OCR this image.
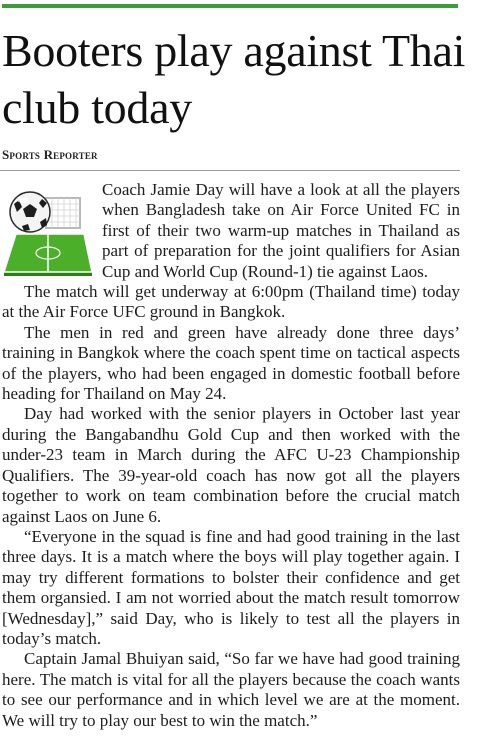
Booters play against Thai club today
Sports Reporter

Coach Jamie Day will have a look at all the players when Bangladesh take on Air Force United FC in first of their two warm-up matches in Thailand as part of preparation for the joint qualifiers for Asian Cup and World Cup (Round-1) tie against Laos.

The match will get underway at 6:00pm (Thailand time) today at the Air Force UFC ground in Bangkok.

The men in red and green have already done three days’ training in Bangkok where the coach spent time on tactical aspects of the players, who had been engaged in domestic football before heading for Thailand on May 24.

Day had worked with the senior players in October last year during the Bangabandhu Gold Cup and then worked with the under-23 team in March during the AFC U-23 Championship Qualifiers. The 39-year-old coach has now got all the players together to work on team combination before the crucial match against Laos on June 6.

“Everyone in the squad is fine and had good training in the last three days. It is a match where the boys will play together again. I may try different formations to bolster their confidence and get them organsied. I am not worried about the match result tomorrow [Wednesday],” said Day, who is likely to test all the players in today’s match.

Captain Jamal Bhuiyan said, “So far we have had good training here. The match is vital for all the players because the coach wants to see our performance and in which level we are at the moment. We will try to play our best to win the match.”
